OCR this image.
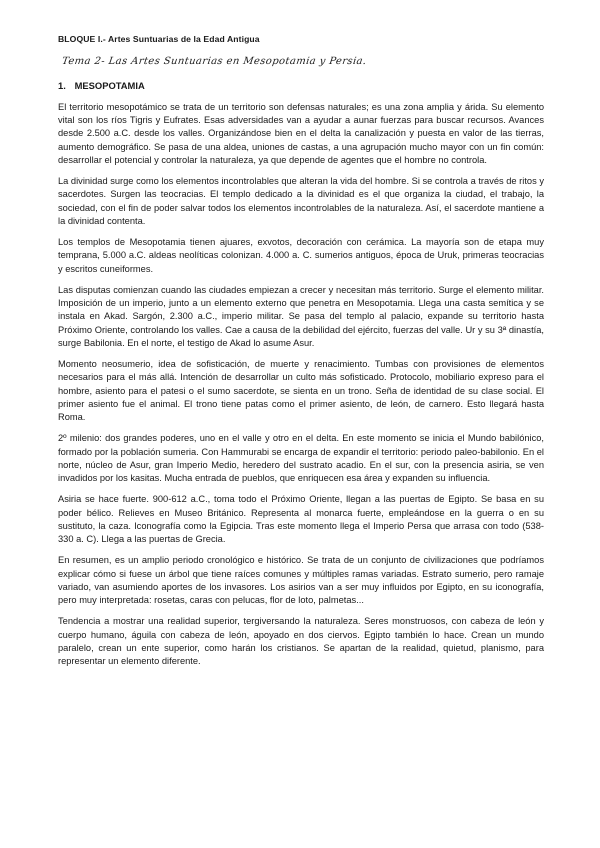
BLOQUE I.- Artes Suntuarias de la Edad Antigua
Tema 2- Las Artes Suntuarias en Mesopotamia y Persia.
1. MESOPOTAMIA

El territorio mesopotámico se trata de un territorio son defensas naturales; es una zona amplia y árida. Su elemento vital son los ríos Tigris y Eufrates. Esas adversidades van a ayudar a aunar fuerzas para buscar recursos. Avances desde 2.500 a.C. desde los valles. Organizándose bien en el delta la canalización y puesta en valor de las tierras, aumento demográfico. Se pasa de una aldea, uniones de castas, a una agrupación mucho mayor con un fin común: desarrollar el potencial y controlar la naturaleza, ya que depende de agentes que el hombre no controla.

La divinidad surge como los elementos incontrolables que alteran la vida del hombre. Si se controla a través de ritos y sacerdotes. Surgen las teocracias. El templo dedicado a la divinidad es el que organiza la ciudad, el trabajo, la sociedad, con el fin de poder salvar todos los elementos incontrolables de la naturaleza. Así, el sacerdote mantiene a la divinidad contenta.

Los templos de Mesopotamia tienen ajuares, exvotos, decoración con cerámica. La mayoría son de etapa muy temprana, 5.000 a.C. aldeas neolíticas colonizan. 4.000 a. C. sumerios antiguos, época de Uruk, primeras teocracias y escritos cuneiformes.

Las disputas comienzan cuando las ciudades empiezan a crecer y necesitan más territorio. Surge el elemento militar. Imposición de un imperio, junto a un elemento externo que penetra en Mesopotamia. Llega una casta semítica y se instala en Akad. Sargón, 2.300 a.C., imperio militar. Se pasa del templo al palacio, expande su territorio hasta Próximo Oriente, controlando los valles. Cae a causa de la debilidad del ejército, fuerzas del valle. Ur y su 3ª dinastía, surge Babilonia. En el norte, el testigo de Akad lo asume Asur.

Momento neosumerio, idea de sofisticación, de muerte y renacimiento. Tumbas con provisiones de elementos necesarios para el más allá. Intención de desarrollar un culto más sofisticado. Protocolo, mobiliario expreso para el hombre, asiento para el patesi o el sumo sacerdote, se sienta en un trono. Seña de identidad de su clase social. El primer asiento fue el animal. El trono tiene patas como el primer asiento, de león, de carnero. Esto llegará hasta Roma.

2º milenio: dos grandes poderes, uno en el valle y otro en el delta. En este momento se inicia el Mundo babilónico, formado por la población sumeria. Con Hammurabi se encarga de expandir el territorio: periodo paleo-babilonio. En el norte, núcleo de Asur, gran Imperio Medio, heredero del sustrato acadio. En el sur, con la presencia asiria, se ven invadidos por los kasitas. Mucha entrada de pueblos, que enriquecen esa área y expanden su influencia.

Asiria se hace fuerte. 900-612 a.C., toma todo el Próximo Oriente, llegan a las puertas de Egipto. Se basa en su poder bélico. Relieves en Museo Británico. Representa al monarca fuerte, empleándose en la guerra o en su sustituto, la caza. Iconografía como la Egipcia. Tras este momento llega el Imperio Persa que arrasa con todo (538-330 a. C). Llega a las puertas de Grecia.

En resumen, es un amplio periodo cronológico e histórico. Se trata de un conjunto de civilizaciones que podríamos explicar cómo si fuese un árbol que tiene raíces comunes y múltiples ramas variadas. Estrato sumerio, pero ramaje variado, van asumiendo aportes de los invasores. Los asirios van a ser muy influidos por Egipto, en su iconografía, pero muy interpretada: rosetas, caras con pelucas, flor de loto, palmetas...

Tendencia a mostrar una realidad superior, tergiversando la naturaleza. Seres monstruosos, con cabeza de león y cuerpo humano, águila con cabeza de león, apoyado en dos ciervos. Egipto también lo hace. Crean un mundo paralelo, crean un ente superior, como harán los cristianos. Se apartan de la realidad, quietud, planismo, para representar un elemento diferente.
